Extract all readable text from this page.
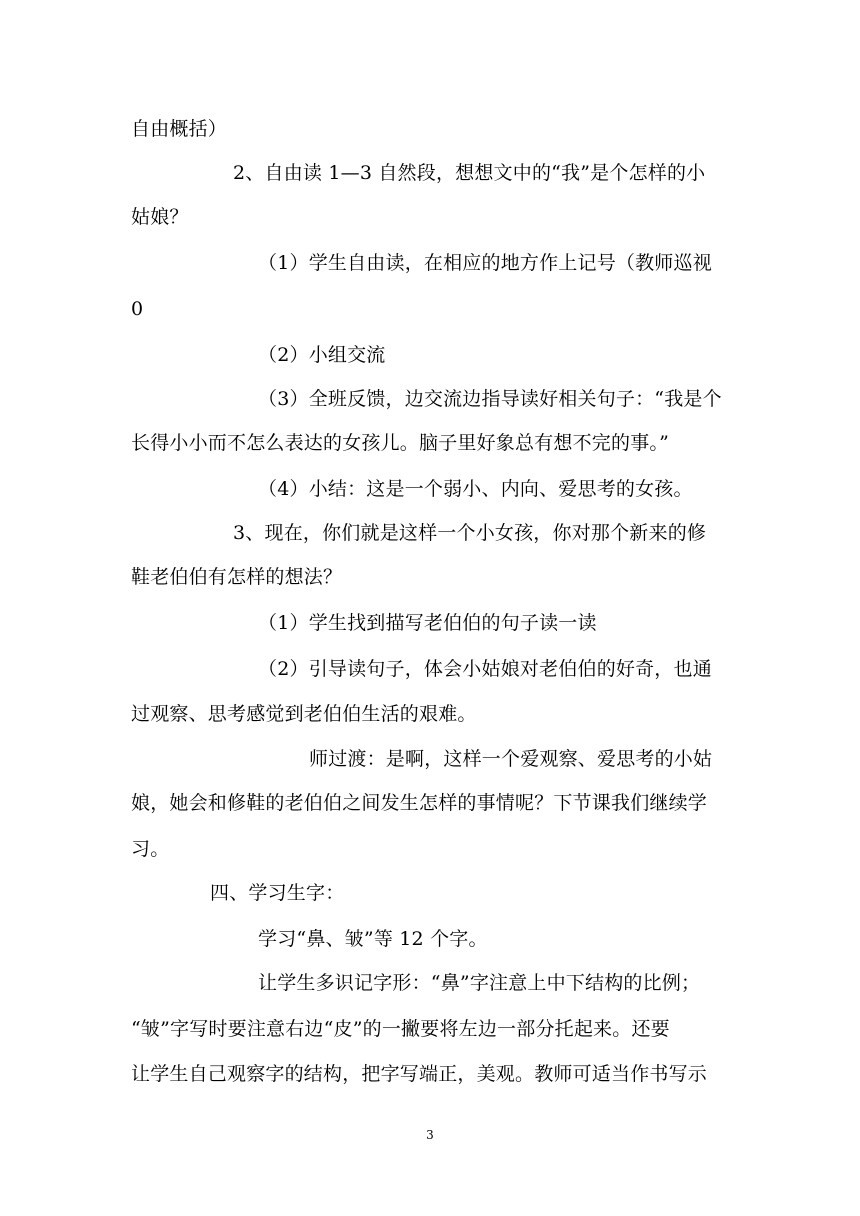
自由概括）
2、自由读 1—3 自然段，想想文中的“我”是个怎样的小
姑娘？
（1）学生自由读，在相应的地方作上记号（教师巡视
0
（2）小组交流
（3）全班反馈，边交流边指导读好相关句子：“我是个
长得小小而不怎么表达的女孩儿。脑子里好象总有想不完的事。”
（4）小结：这是一个弱小、内向、爱思考的女孩。
3、现在，你们就是这样一个小女孩，你对那个新来的修
鞋老伯伯有怎样的想法？
（1）学生找到描写老伯伯的句子读一读
（2）引导读句子，体会小姑娘对老伯伯的好奇，也通
过观察、思考感觉到老伯伯生活的艰难。
师过渡：是啊，这样一个爱观察、爱思考的小姑
娘，她会和修鞋的老伯伯之间发生怎样的事情呢？下节课我们继续学
习。
四、学习生字：
学习“鼻、皱”等 12 个字。
让学生多识记字形：“鼻”字注意上中下结构的比例；
“皱”字写时要注意右边“皮”的一撇要将左边一部分托起来。还要
让学生自己观察字的结构，把字写端正，美观。教师可适当作书写示
3
